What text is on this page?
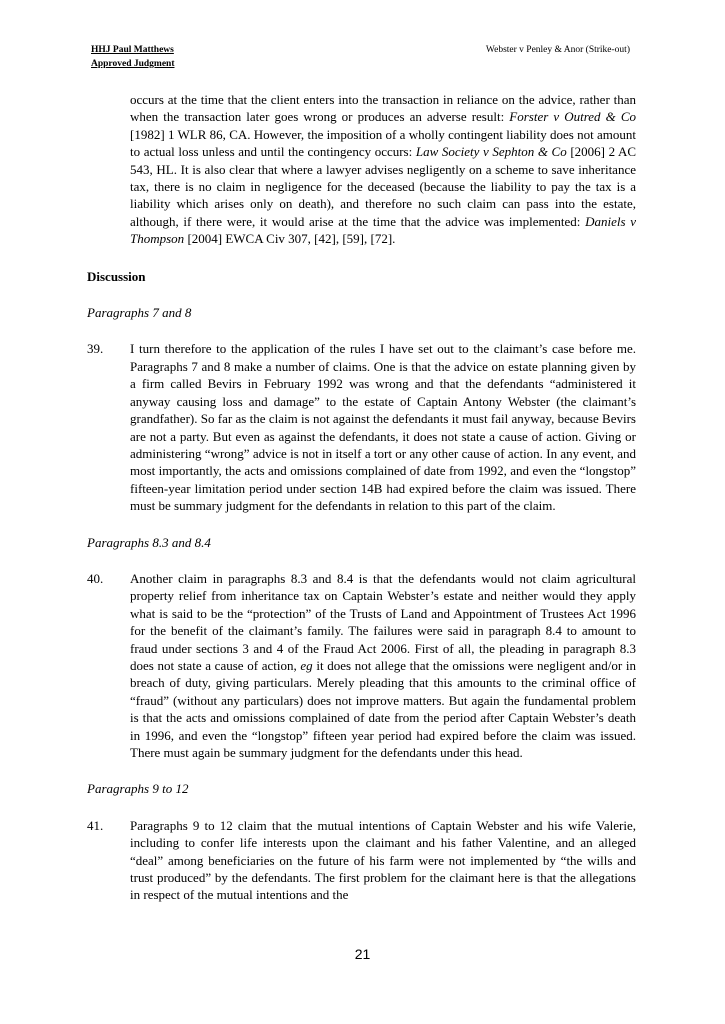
HHJ Paul Matthews
Approved Judgment
Webster v Penley & Anor (Strike-out)

occurs at the time that the client enters into the transaction in reliance on the advice, rather than when the transaction later goes wrong or produces an adverse result: Forster v Outred & Co [1982] 1 WLR 86, CA. However, the imposition of a wholly contingent liability does not amount to actual loss unless and until the contingency occurs: Law Society v Sephton & Co [2006] 2 AC 543, HL. It is also clear that where a lawyer advises negligently on a scheme to save inheritance tax, there is no claim in negligence for the deceased (because the liability to pay the tax is a liability which arises only on death), and therefore no such claim can pass into the estate, although, if there were, it would arise at the time that the advice was implemented: Daniels v Thompson [2004] EWCA Civ 307, [42], [59], [72].

Discussion
Paragraphs 7 and 8
39.	I turn therefore to the application of the rules I have set out to the claimant’s case before me. Paragraphs 7 and 8 make a number of claims. One is that the advice on estate planning given by a firm called Bevirs in February 1992 was wrong and that the defendants “administered it anyway causing loss and damage” to the estate of Captain Antony Webster (the claimant’s grandfather). So far as the claim is not against the defendants it must fail anyway, because Bevirs are not a party. But even as against the defendants, it does not state a cause of action. Giving or administering “wrong” advice is not in itself a tort or any other cause of action. In any event, and most importantly, the acts and omissions complained of date from 1992, and even the “longstop” fifteen-year limitation period under section 14B had expired before the claim was issued. There must be summary judgment for the defendants in relation to this part of the claim.

Paragraphs 8.3 and 8.4
40.	Another claim in paragraphs 8.3 and 8.4 is that the defendants would not claim agricultural property relief from inheritance tax on Captain Webster’s estate and neither would they apply what is said to be the “protection” of the Trusts of Land and Appointment of Trustees Act 1996 for the benefit of the claimant’s family. The failures were said in paragraph 8.4 to amount to fraud under sections 3 and 4 of the Fraud Act 2006. First of all, the pleading in paragraph 8.3 does not state a cause of action, eg it does not allege that the omissions were negligent and/or in breach of duty, giving particulars. Merely pleading that this amounts to the criminal office of “fraud” (without any particulars) does not improve matters. But again the fundamental problem is that the acts and omissions complained of date from the period after Captain Webster’s death in 1996, and even the “longstop” fifteen year period had expired before the claim was issued. There must again be summary judgment for the defendants under this head.

Paragraphs 9 to 12
41.	Paragraphs 9 to 12 claim that the mutual intentions of Captain Webster and his wife Valerie, including to confer life interests upon the claimant and his father Valentine, and an alleged “deal” among beneficiaries on the future of his farm were not implemented by “the wills and trust produced” by the defendants. The first problem for the claimant here is that the allegations in respect of the mutual intentions and the

21
